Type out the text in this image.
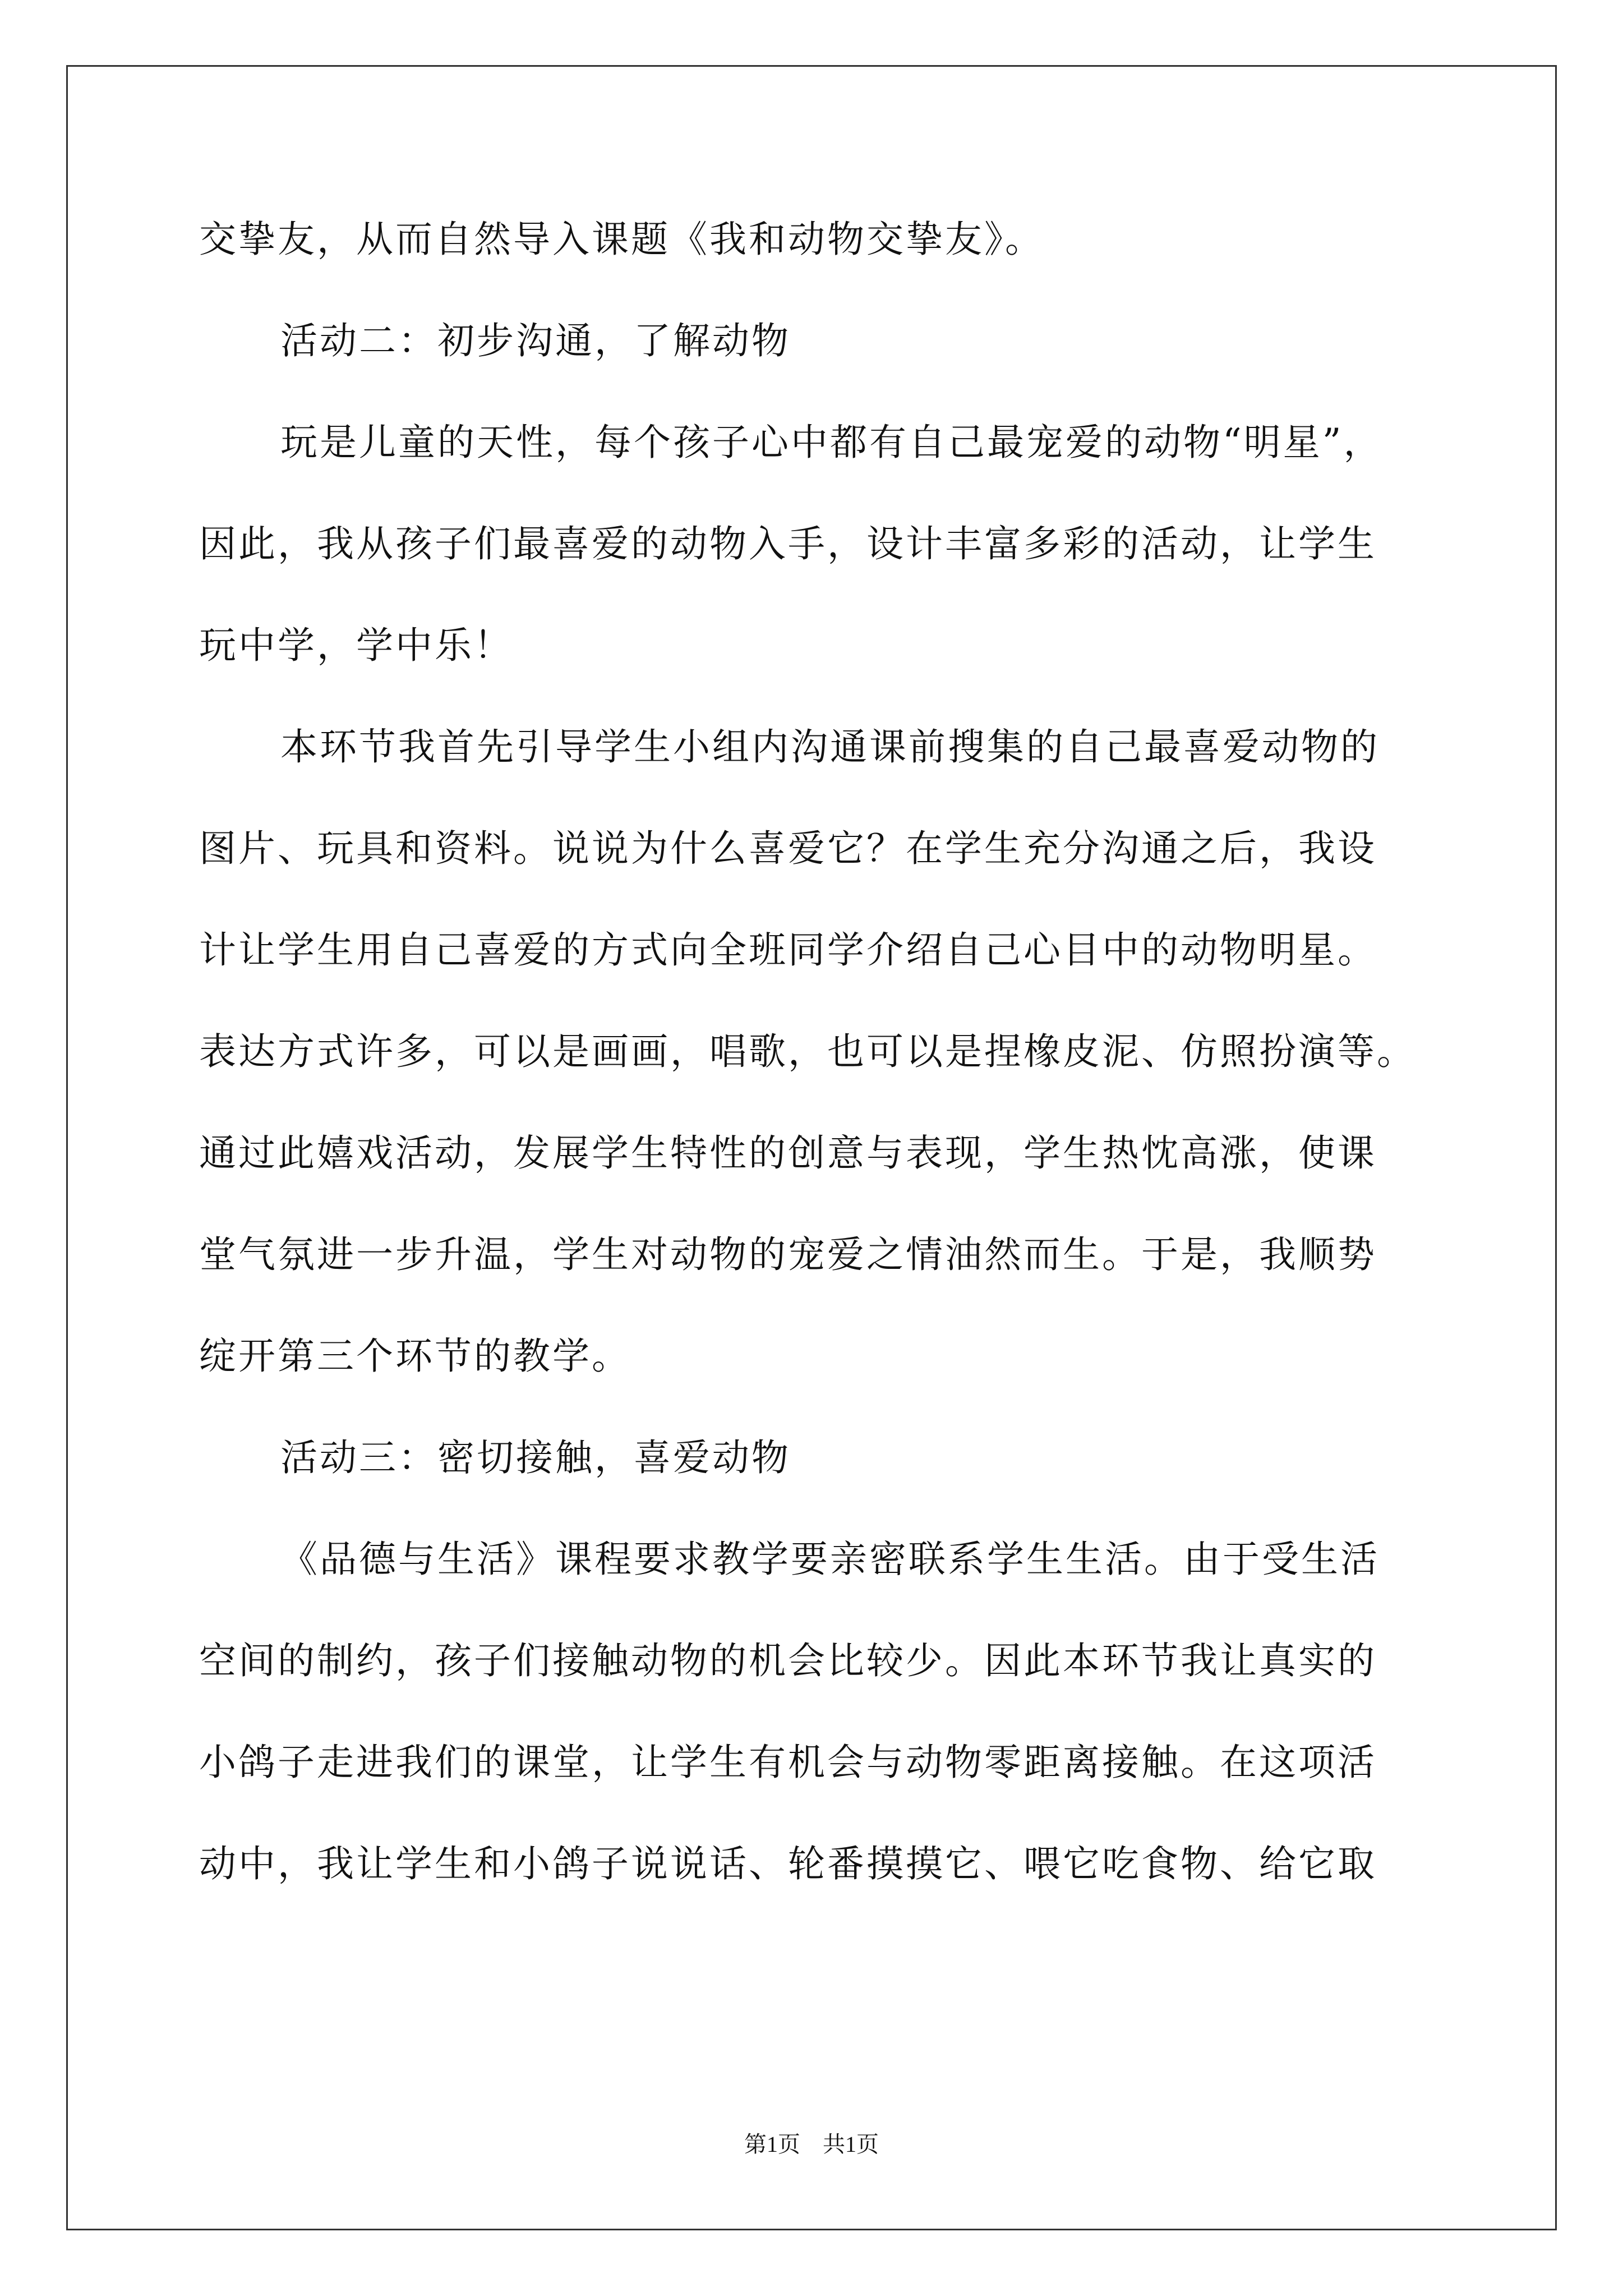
交挚友，从而自然导入课题《我和动物交挚友》。
活动二：初步沟通，了解动物
玩是儿童的天性，每个孩子心中都有自己最宠爱的动物“明星”，
因此，我从孩子们最喜爱的动物入手，设计丰富多彩的活动，让学生
玩中学，学中乐！
本环节我首先引导学生小组内沟通课前搜集的自己最喜爱动物的
图片、玩具和资料。说说为什么喜爱它？在学生充分沟通之后，我设
计让学生用自己喜爱的方式向全班同学介绍自己心目中的动物明星。
表达方式许多，可以是画画，唱歌，也可以是捏橡皮泥、仿照扮演等。
通过此嬉戏活动，发展学生特性的创意与表现，学生热忱高涨，使课
堂气氛进一步升温，学生对动物的宠爱之情油然而生。于是，我顺势
绽开第三个环节的教学。
活动三：密切接触，喜爱动物
《品德与生活》课程要求教学要亲密联系学生生活。由于受生活
空间的制约，孩子们接触动物的机会比较少。因此本环节我让真实的
小鸽子走进我们的课堂，让学生有机会与动物零距离接触。在这项活
动中，我让学生和小鸽子说说话、轮番摸摸它、喂它吃食物、给它取
第1页　共1页
